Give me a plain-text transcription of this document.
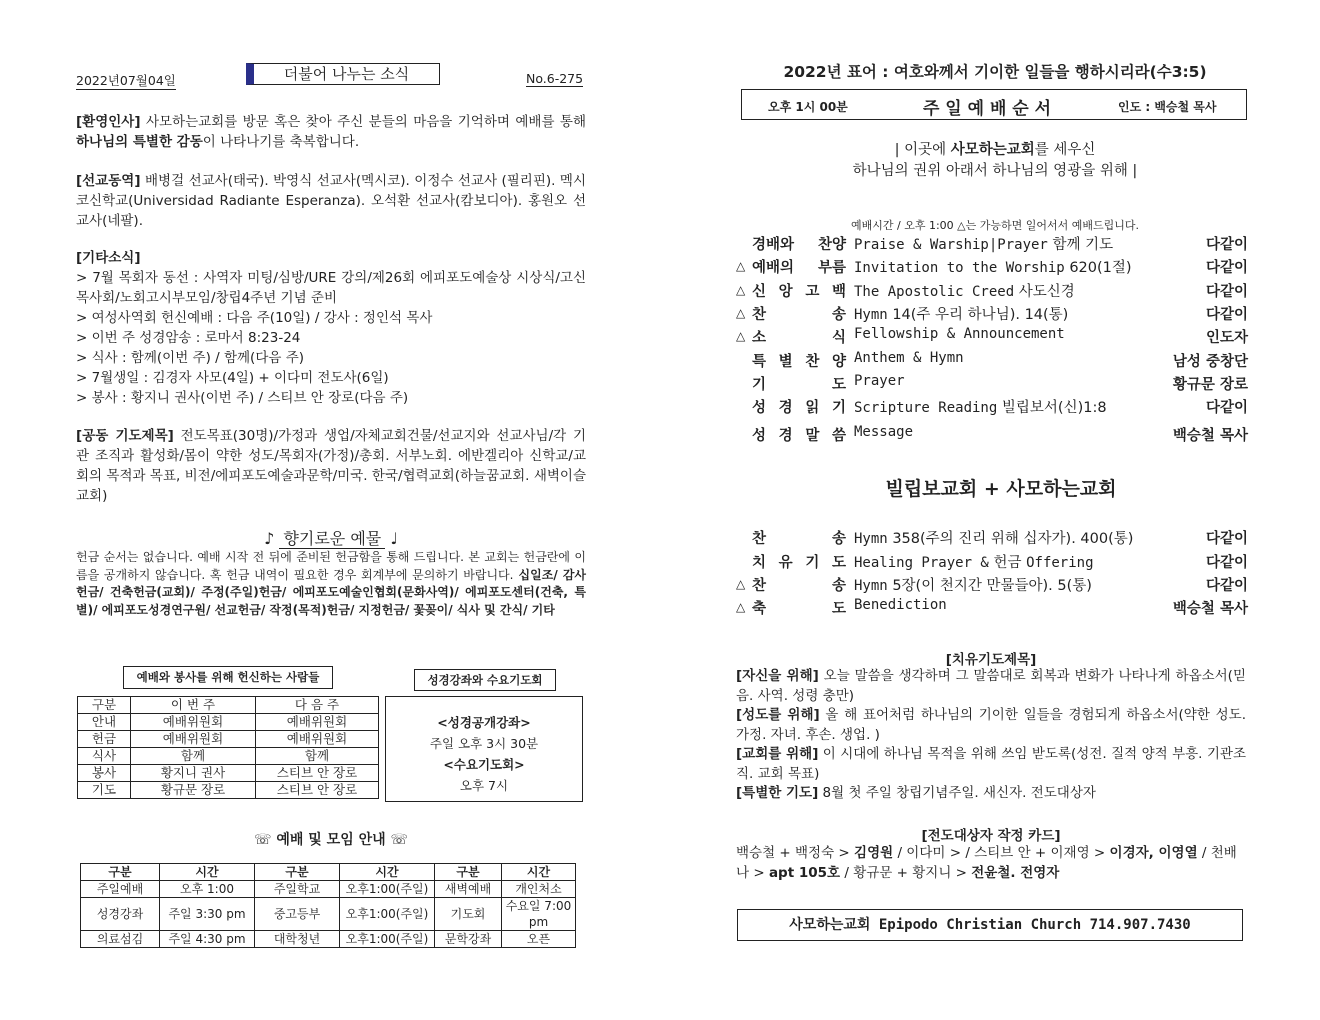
2022년07월04일	더불어 나누는 소식	No.6-275
[환영인사] 사모하는교회를 방문 혹은 찾아 주신 분들의 마음을 기억하며 예배를 통해 하나님의 특별한 감동이 나타나기를 축복합니다.
[선교동역] 배병걸 선교사(태국). 박영식 선교사(멕시코). 이정수 선교사 (필리핀). 멕시코신학교(Universidad Radiante Esperanza). 오석환 선교사(캄보디아). 홍원오 선교사(네팔).
[기타소식]
> 7월 목회자 동선 : 사역자 미팅/심방/URE 강의/제26회 에피포도예술상 시상식/고신목사회/노회고시부모임/창립4주년 기념 준비
> 여성사역회 헌신예배 : 다음 주(10일) / 강사 : 정인석 목사
> 이번 주 성경암송 : 로마서 8:23-24
> 식사 : 함께(이번 주) / 함께(다음 주)
> 7월생일 : 김경자 사모(4일) + 이다미 전도사(6일)
> 봉사 : 황지니 권사(이번 주) / 스티브 안 장로(다음 주)
[공동 기도제목] 전도목표(30명)/가정과 생업/자체교회건물/선교지와 선교사님/각 기관 조직과 활성화/몸이 약한 성도/목회자(가정)/총회. 서부노회. 에반겔리아 신학교/교회의 목적과 목표, 비전/에피포도예술과문학/미국. 한국/협력교회(하늘꿈교회. 새벽이슬교회)
♪ 향기로운 예물 ♩
헌금 순서는 없습니다. 예배 시작 전 뒤에 준비된 헌금함을 통해 드립니다. 본 교회는 헌금란에 이름을 공개하지 않습니다. 혹 헌금 내역이 필요한 경우 회계부에 문의하기 바랍니다. 십일조/ 감사헌금/ 건축헌금(교회)/ 주정(주일)헌금/ 에피포도예술인협회(문화사역)/ 에피포도센터(건축, 특별)/ 에피포도성경연구원/ 선교헌금/ 작정(목적)헌금/ 지정헌금/ 꽃꽂이/ 식사 및 간식/ 기타
예배와 봉사를 위해 헌신하는 사람들
구분	이 번 주	다 음 주
안내	예배위원회	예배위원회
헌금	예배위원회	예배위원회
식사	함께	함께
봉사	황지니 권사	스티브 안 장로
기도	황규문 장로	스티브 안 장로
성경강좌와 수요기도회
<성경공개강좌>
주일 오후 3시 30분
<수요기도회>
오후 7시
☏ 예배 및 모임 안내 ☏
구분	시간	구분	시간	구분	시간
주일예배	오후 1:00	주일학교	오후1:00(주일)	새벽예배	개인처소
성경강좌	주일 3:30 pm	중고등부	오후1:00(주일)	기도회	수요일 7:00 pm
의료섬김	주일 4:30 pm	대학청년	오후1:00(주일)	문학강좌	오픈
2022년 표어 : 여호와께서 기이한 일들을 행하시리라(수3:5)
오후 1시 00분	주 일 예 배 순 서	인도 : 백승철 목사
| 이곳에 사모하는교회를 세우신
하나님의 권위 아래서 하나님의 영광을 위해 |
예배시간 / 오후 1:00 △는 가능하면 일어서서 예배드립니다.
경배와 찬양 Praise & Warship|Prayer 함께 기도	다같이
△ 예배의 부름 Invitation to the Worship 620(1절)	다같이
△ 신 앙 고 백 The Apostolic Creed 사도신경	다같이
△ 찬 송 Hymn 14(주 우리 하나님). 14(통)	다같이
△ 소 식 Fellowship & Announcement	인도자
특 별 찬 양 Anthem & Hymn	남성 중창단
기 도 Prayer	황규문 장로
성 경 읽 기 Scripture Reading 빌립보서(신)1:8	다같이
성 경 말 씀 Message	백승철 목사
빌립보교회 + 사모하는교회
찬 송 Hymn 358(주의 진리 위해 십자가). 400(통)	다같이
치 유 기 도 Healing Prayer & 헌금 Offering	다같이
△ 찬 송 Hymn 5장(이 천지간 만물들아). 5(통)	다같이
△ 축 도 Benediction	백승철 목사
[치유기도제목]
[자신을 위해] 오늘 말씀을 생각하며 그 말씀대로 회복과 변화가 나타나게 하옵소서(믿음. 사역. 성령 충만)
[성도를 위해] 올 해 표어처럼 하나님의 기이한 일들을 경험되게 하옵소서(약한 성도. 가정. 자녀. 후손. 생업. )
[교회를 위해] 이 시대에 하나님 목적을 위해 쓰임 받도록(성전. 질적 양적 부흥. 기관조직. 교회 목표)
[특별한 기도] 8월 첫 주일 창립기념주일. 새신자. 전도대상자
[전도대상자 작정 카드]
백승철 + 백정숙 > 김영원 / 이다미 > / 스티브 안 + 이재영 > 이경자, 이영열 / 천배나 > apt 105호 / 황규문 + 황지니 > 전윤철. 전영자
사모하는교회 Epipodo Christian Church 714.907.7430
